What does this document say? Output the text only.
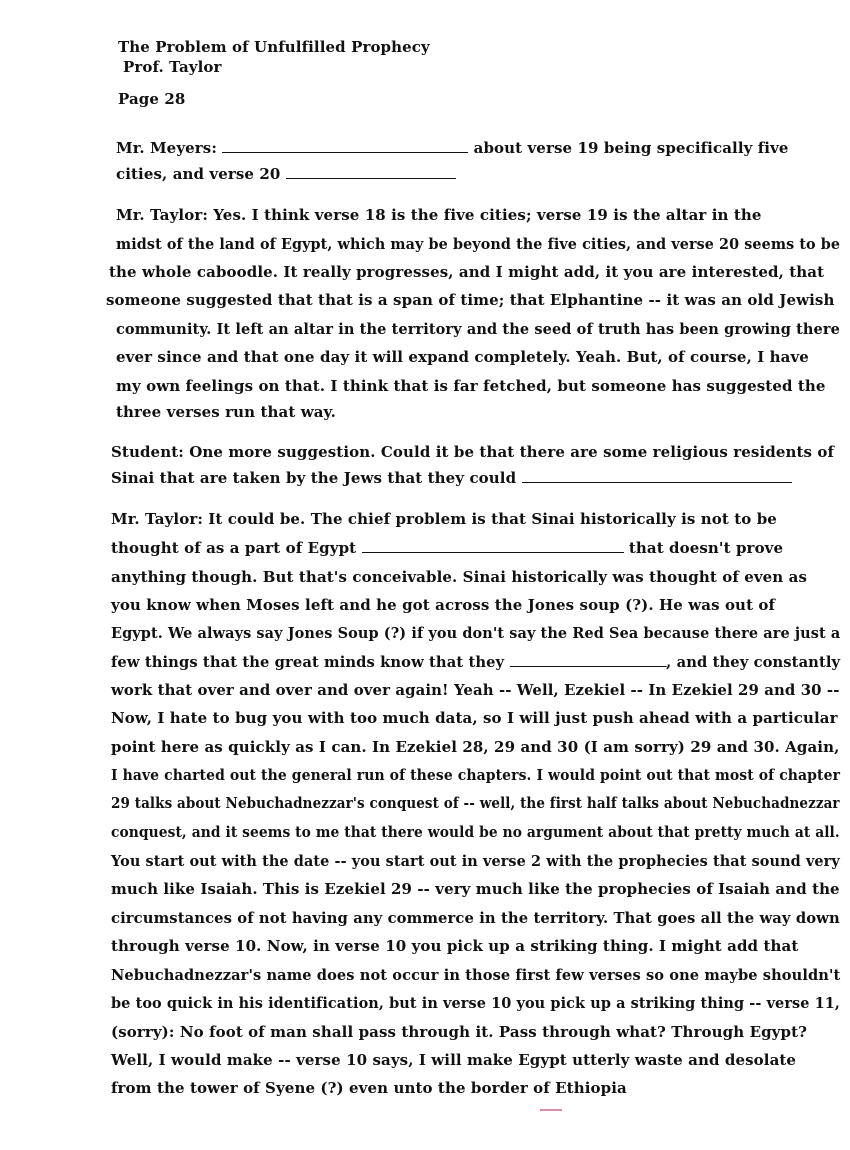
The Problem of Unfulfilled Prophecy
Prof. Taylor
Page 28
Mr. Meyers:	about verse 19 being specifically five
cities, and verse 20
Mr. Taylor: Yes. I think verse 18 is the five cities; verse 19 is the altar in the
midst of the land of Egypt, which may be beyond the five cities, and verse 20 seems to be
the whole caboodle. It really progresses, and I might add, it you are interested, that
someone suggested that that is a span of time; that Elphantine -- it was an old Jewish
community. It left an altar in the territory and the seed of truth has been growing there
ever since and that one day it will expand completely. Yeah. But, of course, I have
my own feelings on that. I think that is far fetched, but someone has suggested the
three verses run that way.
Student: One more suggestion. Could it be that there are some religious residents of
Sinai that are taken by the Jews that they could
Mr. Taylor: It could be. The chief problem is that Sinai historically is not to be
thought of as a part of Egypt	that doesn't prove
anything though. But that's conceivable. Sinai historically was thought of even as
you know when Moses left and he got across the Jones soup (?). He was out of
Egypt. We always say Jones Soup (?) if you don't say the Red Sea because there are just a
few things that the great minds know that they	, and they constantly
work that over and over and over again! Yeah -- Well, Ezekiel -- In Ezekiel 29 and 30 --
Now, I hate to bug you with too much data, so I will just push ahead with a particular
point here as quickly as I can. In Ezekiel 28, 29 and 30 (I am sorry) 29 and 30. Again,
I have charted out the general run of these chapters. I would point out that most of chapter
29 talks about Nebuchadnezzar's conquest of -- well, the first half talks about Nebuchadnezzar
conquest, and it seems to me that there would be no argument about that pretty much at all.
You start out with the date -- you start out in verse 2 with the prophecies that sound very
much like Isaiah. This is Ezekiel 29 -- very much like the prophecies of Isaiah and the
circumstances of not having any commerce in the territory. That goes all the way down
through verse 10. Now, in verse 10 you pick up a striking thing. I might add that
Nebuchadnezzar's name does not occur in those first few verses so one maybe shouldn't
be too quick in his identification, but in verse 10 you pick up a striking thing -- verse 11,
(sorry): No foot of man shall pass through it. Pass through what? Through Egypt?
Well, I would make -- verse 10 says, I will make Egypt utterly waste and desolate
from the tower of Syene (?) even unto the border of Ethiopia
